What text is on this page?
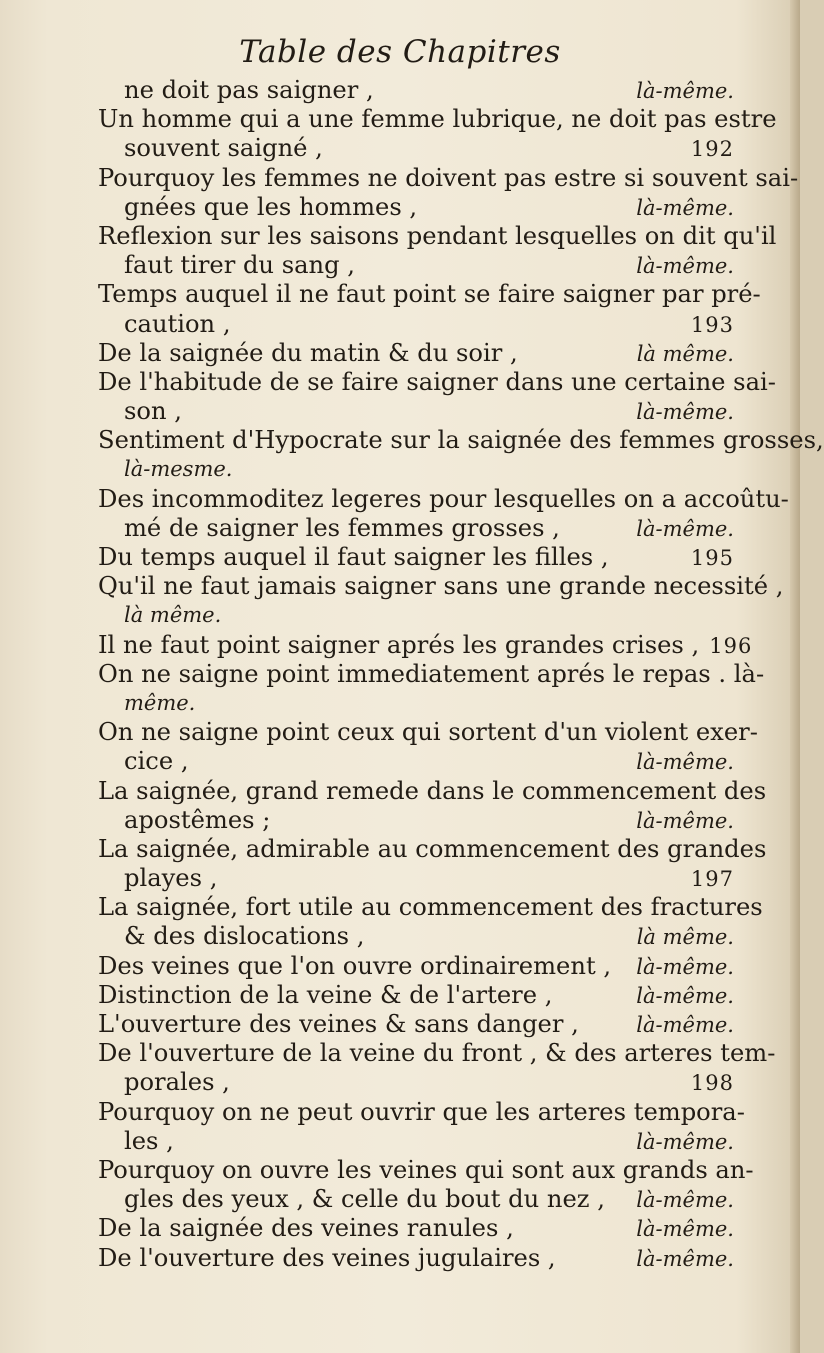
Table des Chapitres
ne doit pas saigner ,	là-même.
Un homme qui a une femme lubrique, ne doit pas estre
souvent saigné ,	192
Pourquoy les femmes ne doivent pas estre si souvent sai-
gnées que les hommes ,	là-même.
Reflexion sur les saisons pendant lesquelles on dit qu'il
faut tirer du sang ,	là-même.
Temps auquel il ne faut point se faire saigner par pré-
caution ,	193
De la saignée du matin & du soir ,	là même.
De l'habitude de se faire saigner dans une certaine sai-
son ,	là-même.
Sentiment d'Hypocrate sur la saignée des femmes grosses,
là-mesme.
Des incommoditez legeres pour lesquelles on a accoûtu-
mé de saigner les femmes grosses ,	là-même.
Du temps auquel il faut saigner les filles ,	195
Qu'il ne faut jamais saigner sans une grande necessité ,
là même.
Il ne faut point saigner aprés les grandes crises , 196
On ne saigne point immediatement aprés le repas . là-
même.
On ne saigne point ceux qui sortent d'un violent exer-
cice ,	là-même.
La saignée, grand remede dans le commencement des
apostêmes ;	là-même.
La saignée, admirable au commencement des grandes
playes ,	197
La saignée, fort utile au commencement des fractures
& des dislocations ,	là même.
Des veines que l'on ouvre ordinairement ,	là-même.
Distinction de la veine & de l'artere ,	là-même.
L'ouverture des veines & sans danger ,	là-même.
De l'ouverture de la veine du front , & des arteres tem-
porales ,	198
Pourquoy on ne peut ouvrir que les arteres tempora-
les ,	là-même.
Pourquoy on ouvre les veines qui sont aux grands an-
gles des yeux , & celle du bout du nez ,	là-même.
De la saignée des veines ranules ,	là-même.
De l'ouverture des veines jugulaires ,	là-même.
